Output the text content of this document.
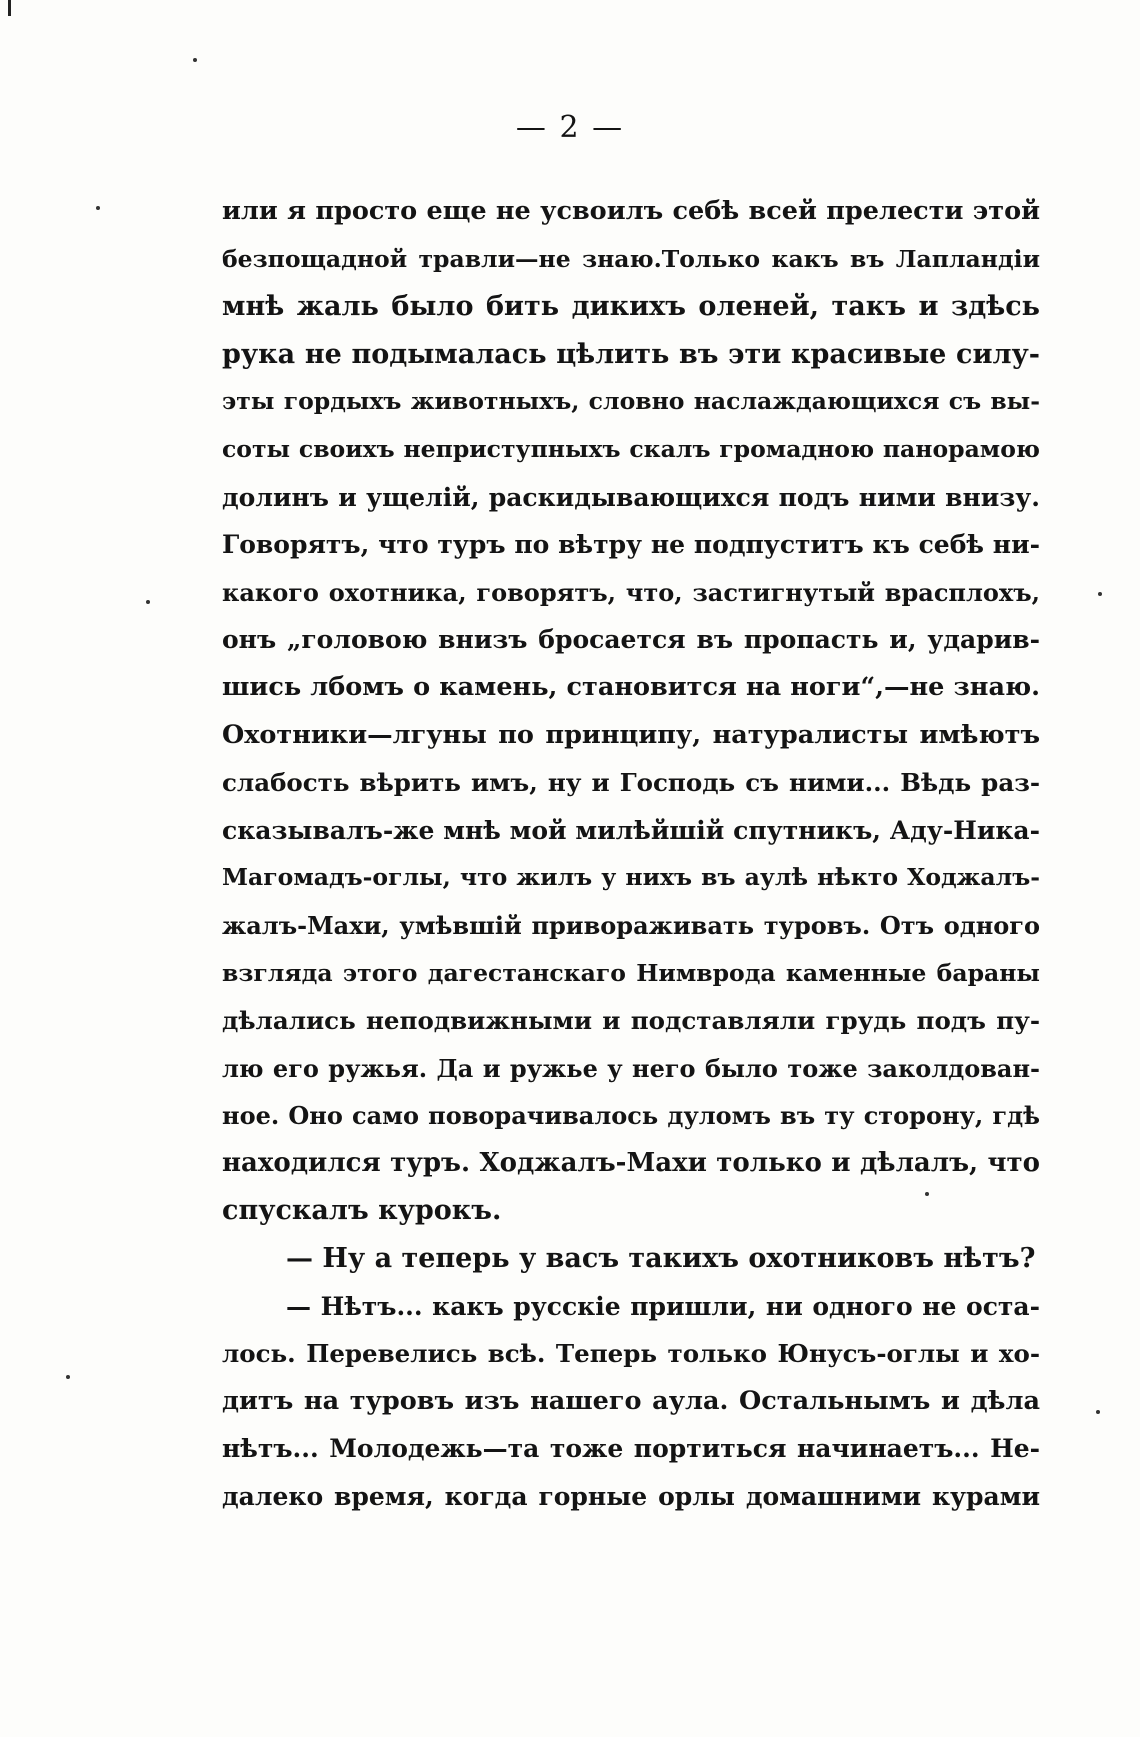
— 2 —
или я просто еще не усвоилъ себѣ всей прелести этой
безпощадной травли—не знаю.Только какъ въ Лапландіи
мнѣ жаль было бить дикихъ оленей, такъ и здѣсь
рука не подымалась цѣлить въ эти красивые силу-
эты гордыхъ животныхъ, словно наслаждающихся съ вы-
соты своихъ неприступныхъ скалъ громадною панорамою
долинъ и ущелій, раскидывающихся подъ ними внизу.
Говорятъ, что туръ по вѣтру не подпуститъ къ себѣ ни-
какого охотника, говорятъ, что, застигнутый врасплохъ,
онъ „головою внизъ бросается въ пропасть и, ударив-
шись лбомъ о камень, становится на ноги“,—не знаю.
Охотники—лгуны по принципу, натуралисты имѣютъ
слабость вѣрить имъ, ну и Господь съ ними... Вѣдь раз-
сказывалъ-же мнѣ мой милѣйшій спутникъ, Аду-Ника-
Магомадъ-оглы, что жилъ у нихъ въ аулѣ нѣкто Ходжалъ-
жалъ-Махи, умѣвшій привораживать туровъ. Отъ одного
взгляда этого дагестанскаго Нимврода каменные бараны
дѣлались неподвижными и подставляли грудь подъ пу-
лю его ружья. Да и ружье у него было тоже заколдован-
ное. Оно само поворачивалось дуломъ въ ту сторону, гдѣ
находился туръ. Ходжалъ-Махи только и дѣлалъ, что
спускалъ курокъ.
— Ну а теперь у васъ такихъ охотниковъ нѣтъ?
— Нѣтъ... какъ русскіе пришли, ни одного не оста-
лось. Перевелись всѣ. Теперь только Юнусъ-оглы и хо-
дитъ на туровъ изъ нашего аула. Остальнымъ и дѣла
нѣтъ... Молодежь—та тоже портиться начинаетъ... Не-
далеко время, когда горные орлы домашними курами
